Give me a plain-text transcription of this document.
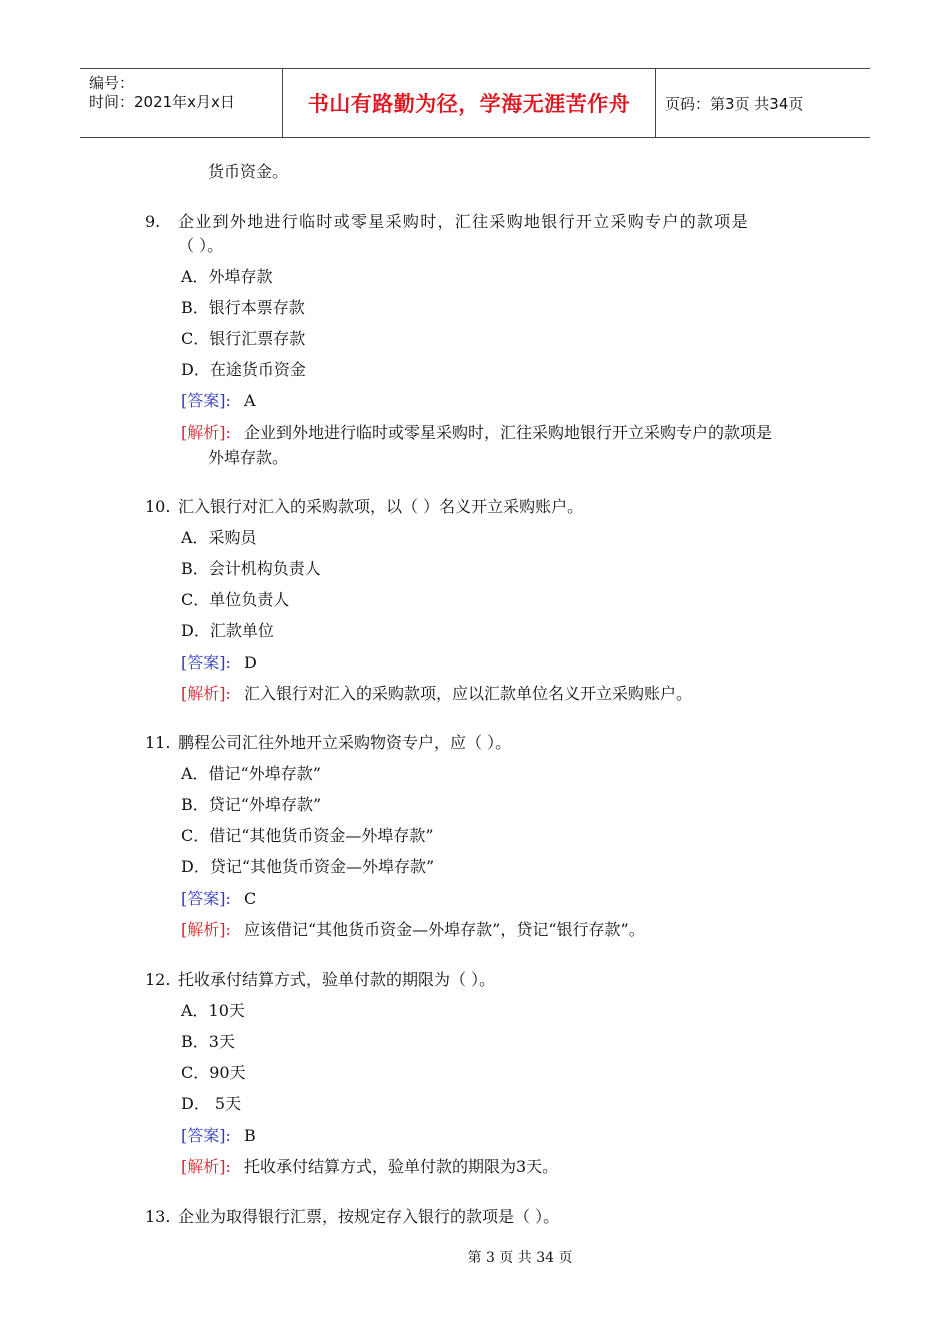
编号：
时间：2021年x月x日	书山有路勤为径，学海无涯苦作舟 页码：第3页 共34页
货币资金。
9. 企业到外地进行临时或零星采购时，汇往采购地银行开立采购专户的款项是
（ ）。
A．外埠存款
B．银行本票存款
C．银行汇票存款
D．在途货币资金
[答案]: A
[解析]: 企业到外地进行临时或零星采购时，汇往采购地银行开立采购专户的款项是
外埠存款。
10. 汇入银行对汇入的采购款项，以（ ）名义开立采购账户。
A．采购员
B．会计机构负责人
C．单位负责人
D．汇款单位
[答案]: D
[解析]: 汇入银行对汇入的采购款项，应以汇款单位名义开立采购账户。
11. 鹏程公司汇往外地开立采购物资专户，应（ ）。
A．借记“外埠存款”
B．贷记“外埠存款”
C．借记“其他货币资金—外埠存款”
D．贷记“其他货币资金—外埠存款”
[答案]: C
[解析]: 应该借记“其他货币资金—外埠存款”，贷记“银行存款”。
12. 托收承付结算方式，验单付款的期限为（ ）。
A．10天
B．3天
C．90天
D． 5天
[答案]: B
[解析]: 托收承付结算方式，验单付款的期限为3天。
13. 企业为取得银行汇票，按规定存入银行的款项是（ ）。
第 3 页 共 34 页
